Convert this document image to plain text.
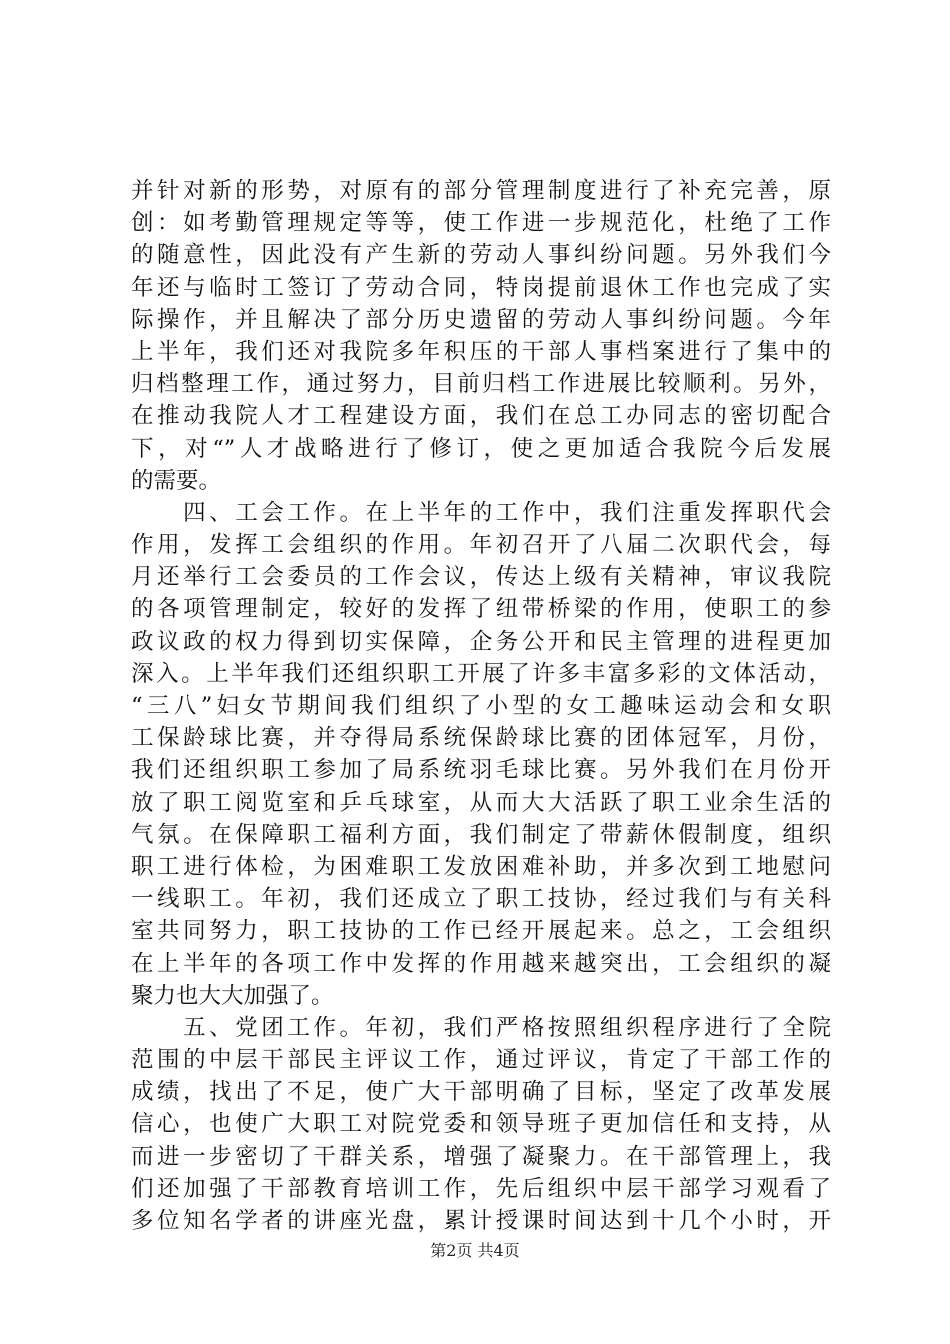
并针对新的形势，对原有的部分管理制度进行了补充完善，原
创：如考勤管理规定等等，使工作进一步规范化，杜绝了工作
的随意性，因此没有产生新的劳动人事纠纷问题。另外我们今
年还与临时工签订了劳动合同，特岗提前退休工作也完成了实
际操作，并且解决了部分历史遗留的劳动人事纠纷问题。今年
上半年，我们还对我院多年积压的干部人事档案进行了集中的
归档整理工作，通过努力，目前归档工作进展比较顺利。另外，
在推动我院人才工程建设方面，我们在总工办同志的密切配合
下，对“”人才战略进行了修订，使之更加适合我院今后发展
的需要。
　　四、工会工作。在上半年的工作中，我们注重发挥职代会
作用，发挥工会组织的作用。年初召开了八届二次职代会，每
月还举行工会委员的工作会议，传达上级有关精神，审议我院
的各项管理制定，较好的发挥了纽带桥梁的作用，使职工的参
政议政的权力得到切实保障，企务公开和民主管理的进程更加
深入。上半年我们还组织职工开展了许多丰富多彩的文体活动，
“三八”妇女节期间我们组织了小型的女工趣味运动会和女职
工保龄球比赛，并夺得局系统保龄球比赛的团体冠军，月份，
我们还组织职工参加了局系统羽毛球比赛。另外我们在月份开
放了职工阅览室和乒乓球室，从而大大活跃了职工业余生活的
气氛。在保障职工福利方面，我们制定了带薪休假制度，组织
职工进行体检，为困难职工发放困难补助，并多次到工地慰问
一线职工。年初，我们还成立了职工技协，经过我们与有关科
室共同努力，职工技协的工作已经开展起来。总之，工会组织
在上半年的各项工作中发挥的作用越来越突出，工会组织的凝
聚力也大大加强了。
　　五、党团工作。年初，我们严格按照组织程序进行了全院
范围的中层干部民主评议工作，通过评议，肯定了干部工作的
成绩，找出了不足，使广大干部明确了目标，坚定了改革发展
信心，也使广大职工对院党委和领导班子更加信任和支持，从
而进一步密切了干群关系，增强了凝聚力。在干部管理上，我
们还加强了干部教育培训工作，先后组织中层干部学习观看了
多位知名学者的讲座光盘，累计授课时间达到十几个小时，开
第2页 共4页
